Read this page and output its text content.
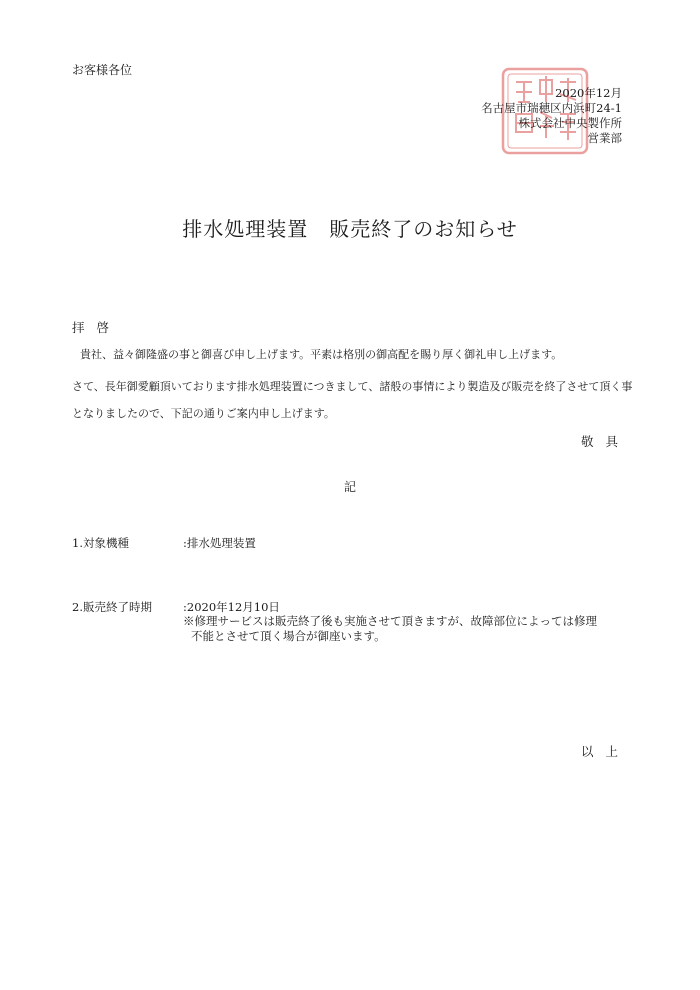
お客様各位
2020年12月
名古屋市瑞穂区内浜町24-1
株式会社中央製作所
営業部
排水処理装置　販売終了のお知らせ
拝 啓
貴社、益々御隆盛の事と御喜び申し上げます。平素は格別の御高配を賜り厚く御礼申し上げます。
さて、長年御愛顧頂いております排水処理装置につきまして、諸般の事情により製造及び販売を終了させて頂く事
となりましたので、下記の通りご案内申し上げます。
敬 具
記
1.対象機種	:排水処理装置
2.販売終了時期	:2020年12月10日
※修理サービスは販売終了後も実施させて頂きますが、故障部位によっては修理
不能とさせて頂く場合が御座います。
以 上
